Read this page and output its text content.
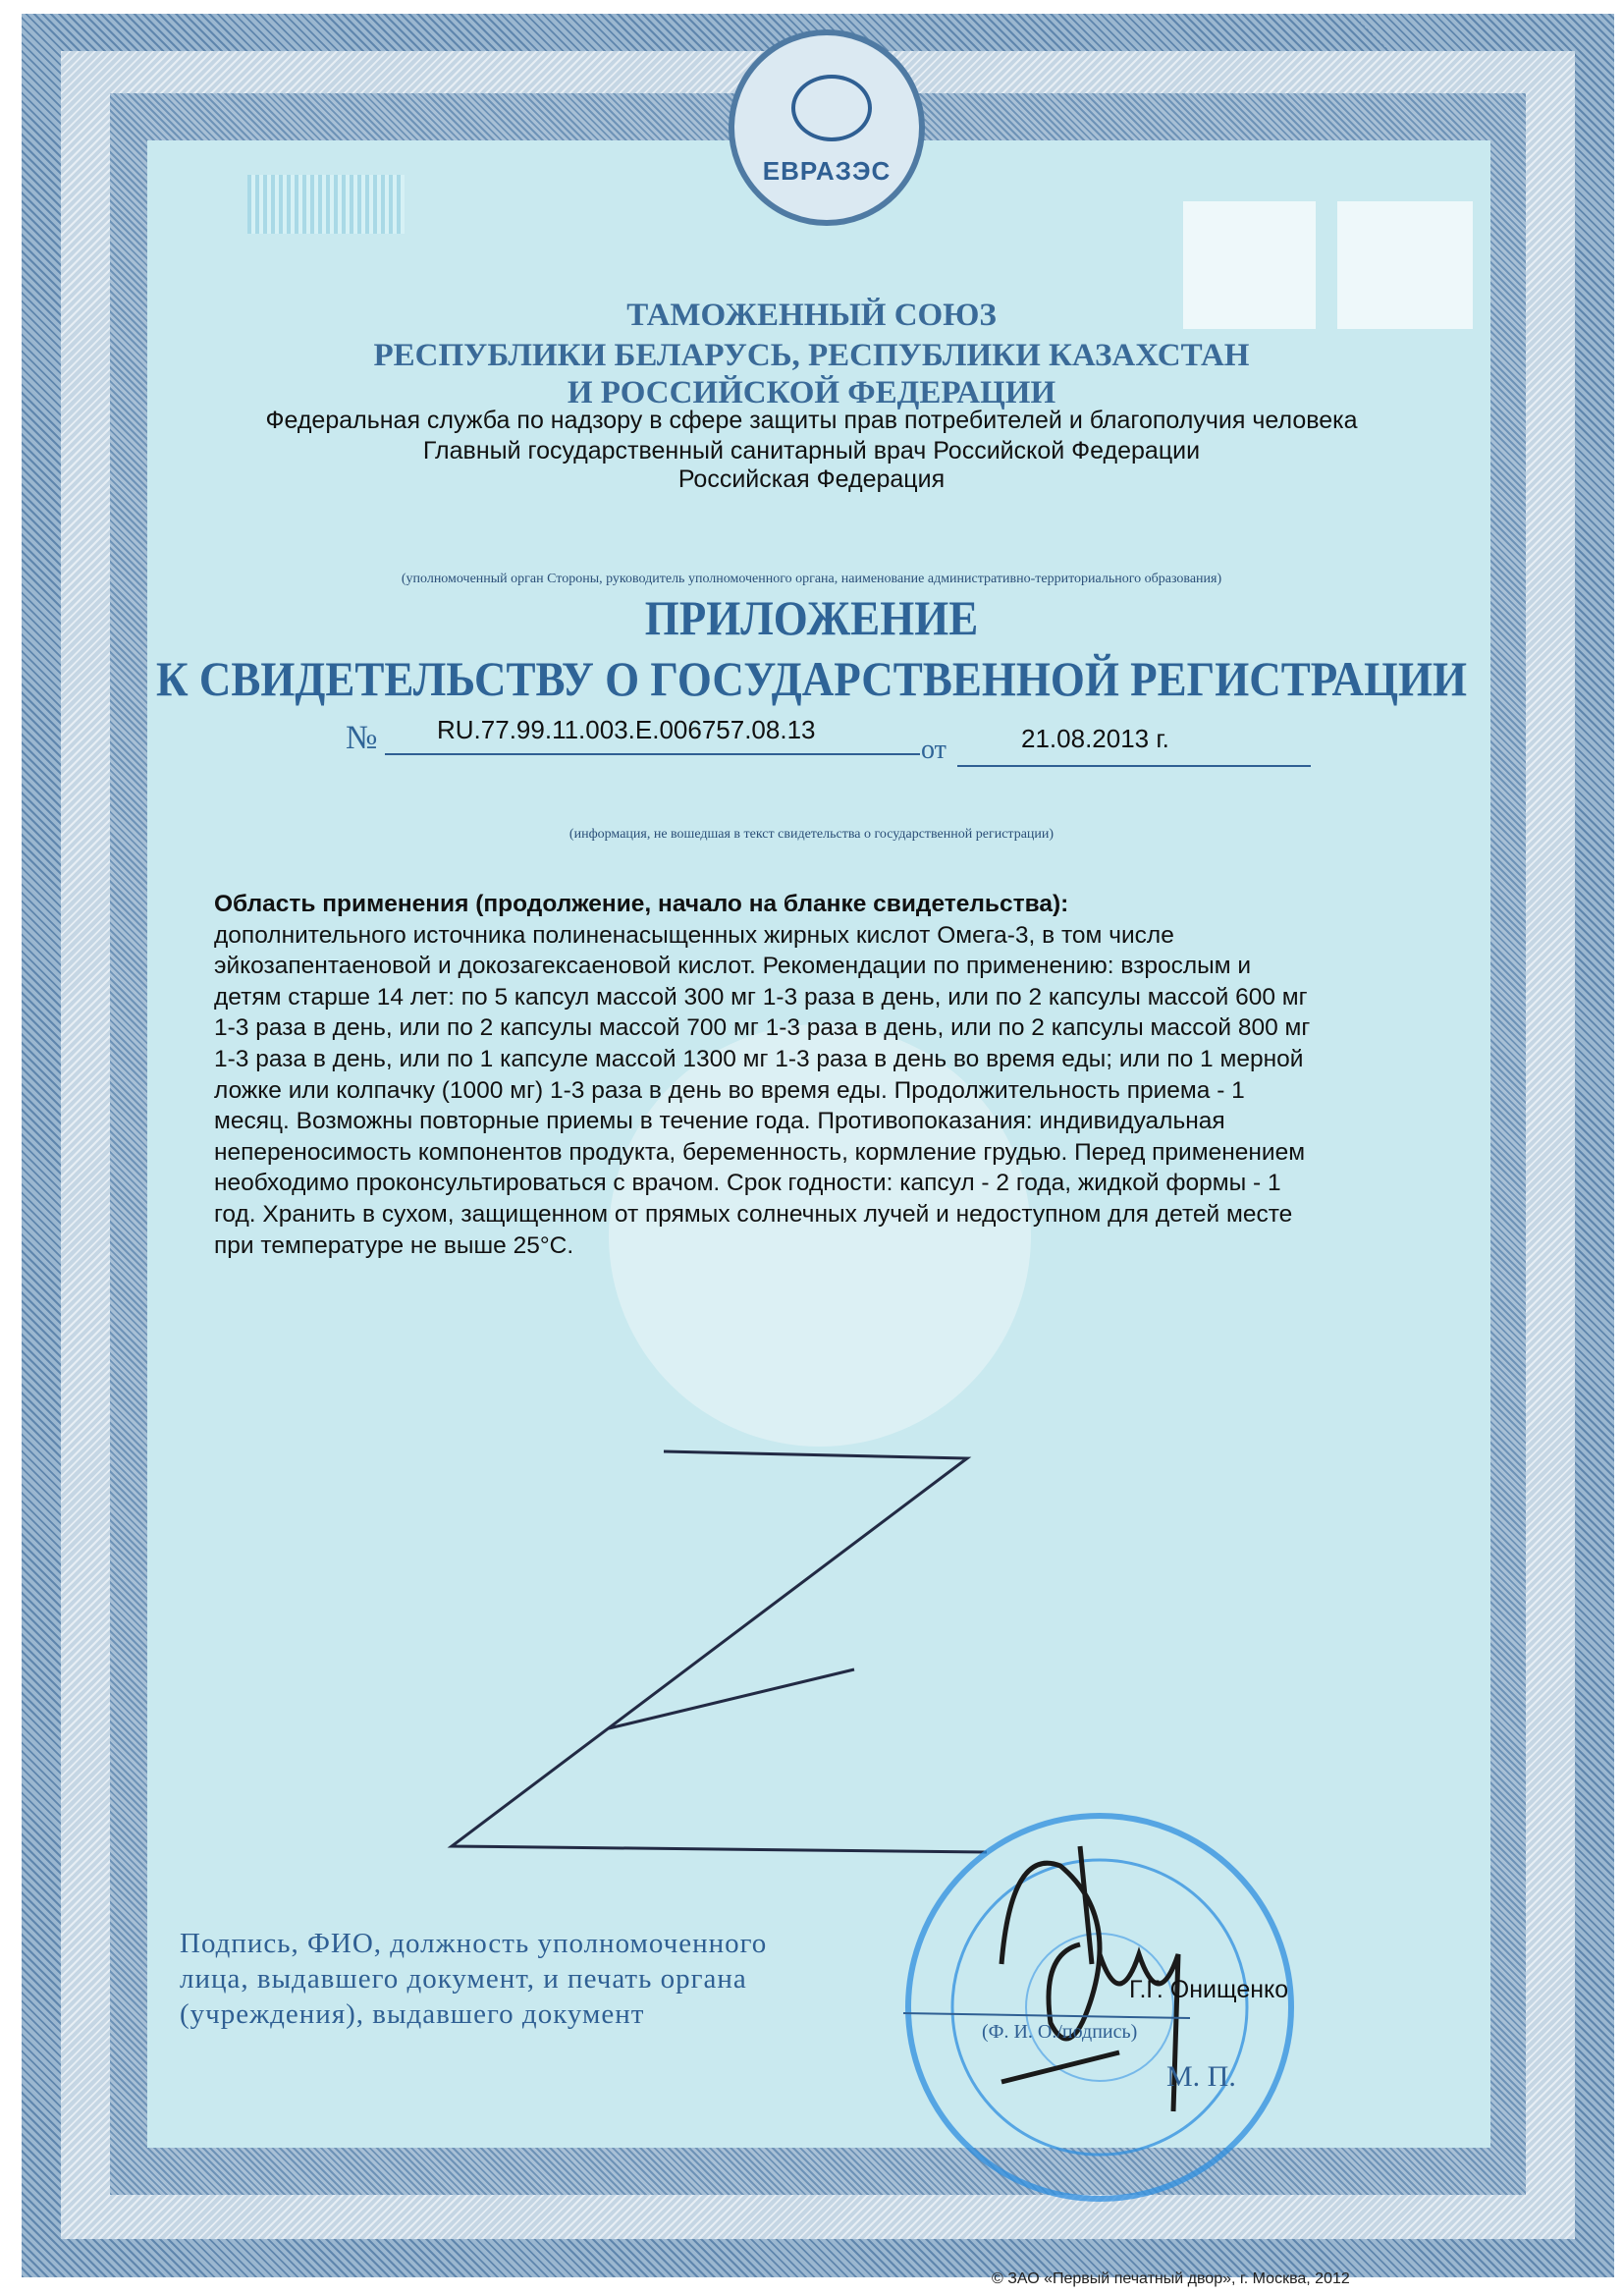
ЕВРАЗЭС
ТАМОЖЕННЫЙ СОЮЗ
РЕСПУБЛИКИ БЕЛАРУСЬ, РЕСПУБЛИКИ КАЗАХСТАН
И РОССИЙСКОЙ ФЕДЕРАЦИИ
Федеральная служба по надзору в сфере защиты прав потребителей и благополучия человека
Главный государственный санитарный врач Российской Федерации
Российская Федерация
(уполномоченный орган Стороны, руководитель уполномоченного органа, наименование административно-территориального образования)
ПРИЛОЖЕНИЕ
К СВИДЕТЕЛЬСТВУ О ГОСУДАРСТВЕННОЙ РЕГИСТРАЦИИ
№ RU.77.99.11.003.E.006757.08.13
от	21.08.2013 г.
(информация, не вошедшая в текст свидетельства о государственной регистрации)
Область применения (продолжение, начало на бланке свидетельства):
дополнительного источника полиненасыщенных жирных кислот Омега-3, в том числе
эйкозапентаеновой и докозагексаеновой кислот. Рекомендации по применению: взрослым и
детям старше 14 лет: по 5 капсул массой 300 мг 1-3 раза в день, или по 2 капсулы массой 600 мг
1-3 раза в день, или по 2 капсулы массой 700 мг 1-3 раза в день, или по 2 капсулы массой 800 мг
1-3 раза в день, или по 1 капсуле массой 1300 мг 1-3 раза в день во время еды; или по 1 мерной
ложке или колпачку (1000 мг) 1-3 раза в день во время еды. Продолжительность приема - 1
месяц. Возможны повторные приемы в течение года. Противопоказания: индивидуальная
непереносимость компонентов продукта, беременность, кормление грудью. Перед применением
необходимо проконсультироваться с врачом. Срок годности: капсул - 2 года, жидкой формы - 1
год. Хранить в сухом, защищенном от прямых солнечных лучей и недоступном для детей месте
при температуре не выше 25°С.
Подпись, ФИО, должность уполномоченного
лица, выдавшего документ, и печать органа
(учреждения), выдавшего документ
Г.Г. Онищенко
(Ф. И. О./подпись)
М. П.
© ЗАО «Первый печатный двор», г. Москва, 2012
